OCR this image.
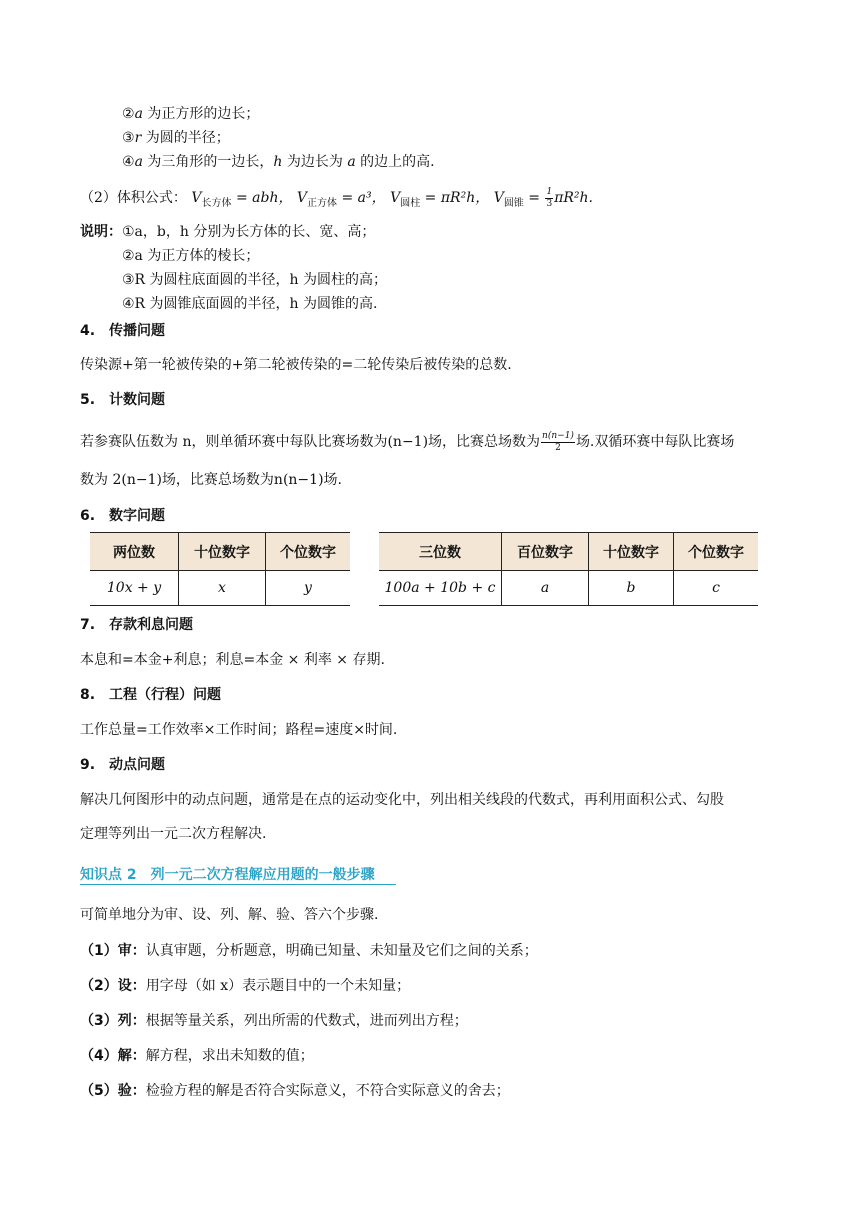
②a 为正方形的边长；
③r 为圆的半径；
④a 为三角形的一边长，h 为边长为 a 的边上的高.
（2）体积公式： $V_{长方体}$ = abh， $V_{正方体} = a^3$， $V_{圆柱} = \pi R^2h$， $V_{圆锥} = \frac{1}{3} \pi R^2h$.
说明：①a，b，h 分别为长方体的长、宽、高；
②a 为正方体的棱长；
③R 为圆柱底面圆的半径，h 为圆柱的高；
④R 为圆锥底面圆的半径，h 为圆锥的高.
4.　传播问题
传染源+第一轮被传染的+第二轮被传染的=二轮传染后被传染的总数.
5.　计数问题
若参赛队伍数为 n，则单循环赛中每队比赛场数为(n−1)场，比赛总场数为 $\frac{n(n-1)}{2}$ 场.双循环赛中每队比赛场
数为 2(n−1)场，比赛总场数为n(n−1)场.
6.　数字问题
两位数	十位数字	个位数字
10x + y	x	y
三位数	百位数字	十位数字	个位数字
100a + 10b + c	a	b	c
7.　存款利息问题
本息和=本金+利息；利息=本金 × 利率 × 存期.
8.　工程（行程）问题
工作总量=工作效率×工作时间；路程=速度×时间.
9.　动点问题
解决几何图形中的动点问题，通常是在点的运动变化中，列出相关线段的代数式，再利用面积公式、勾股
定理等列出一元二次方程解决.
知识点 2　列一元二次方程解应用题的一般步骤
可简单地分为审、设、列、解、验、答六个步骤.
（1）审：认真审题，分析题意，明确已知量、未知量及它们之间的关系；
（2）设：用字母（如 x）表示题目中的一个未知量；
（3）列：根据等量关系，列出所需的代数式，进而列出方程；
（4）解：解方程，求出未知数的值；
（5）验：检验方程的解是否符合实际意义，不符合实际意义的舍去；
